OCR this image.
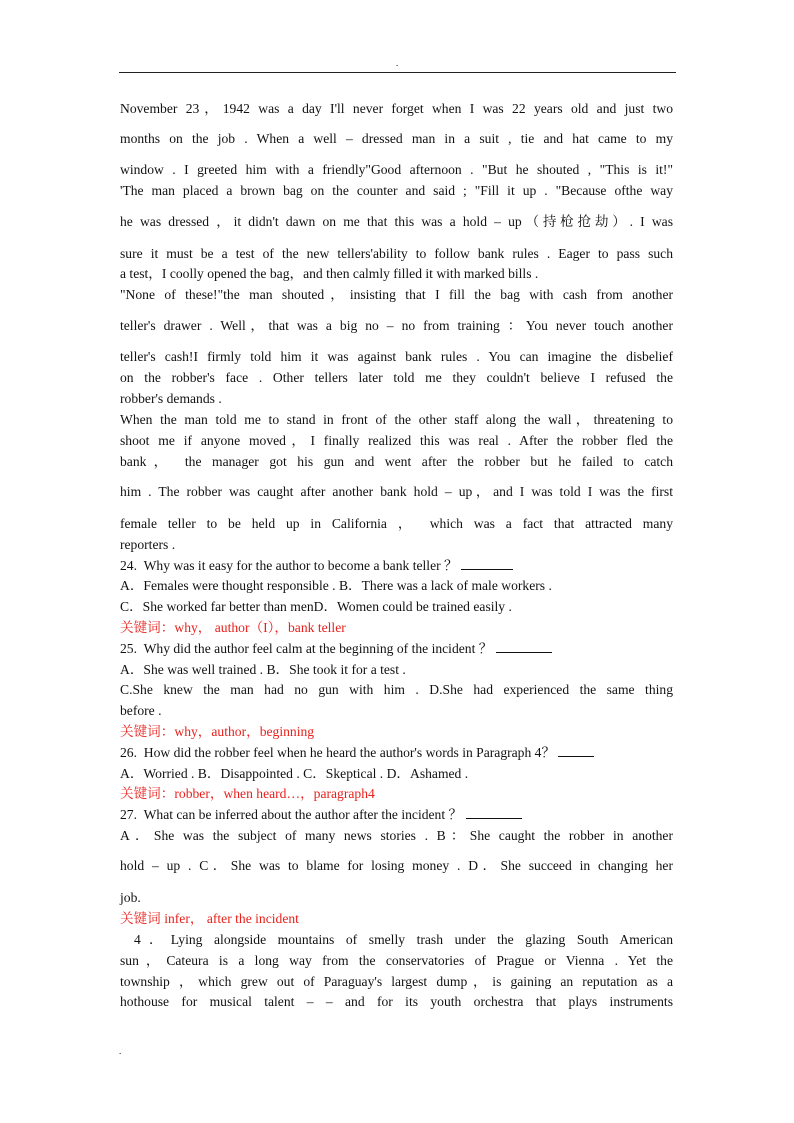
.
November 23，1942 was a day I'll never forget when I was 22 years old and just two
months on the job . When a well – dressed man in a suit , tie and hat came to my
window . I greeted him with a friendly"Good afternoon . "But he shouted , "This is it!"
'The man placed a brown bag on the counter and said ; "Fill it up . "Because ofthe way
he was dressed ，it didn't dawn on me that this was a hold – up（持枪抢劫）. I was
sure it must be a test of the new tellers'ability to follow bank rules . Eager to pass such
a test，I coolly opened the bag，and then calmly filled it with marked bills .
"None of these!"the man shouted，insisting that I fill the bag with cash from another
teller's drawer . Well，that was a big no – no from training ：You never touch another
teller's cash!I firmly told him it was against bank rules . You can imagine the disbelief
on the robber's face . Other tellers later told me they couldn't believe I refused the
robber's demands .
When the man told me to stand in front of the other staff along the wall，threatening to
shoot me if anyone moved，I finally realized this was real . After the robber fled the
bank， the manager got his gun and went after the robber but he failed to catch
him . The robber was caught after another bank hold – up，and I was told I was the first
female teller to be held up in California ， which was a fact that attracted many
reporters .
24. Why was it easy for the author to become a bank teller ？
A．Females were thought responsible . B．There was a lack of male workers .
C．She worked far better than menD．Women could be trained easily .
关键词：why， author（I），bank teller
25. Why did the author feel calm at the beginning of the incident ？
A．She was well trained . B．She took it for a test .
C.She knew the man had no gun with him . D.She had experienced the same thing
before .
关键词：why，author，beginning
26. How did the robber feel when he heard the author's words in Paragraph 4？
A．Worried . B．Disappointed . C．Skeptical . D．Ashamed .
关键词：robber，when heard…，paragraph4
27. What can be inferred about the author after the incident ？
A．She was the subject of many news stories . B：She caught the robber in another
hold – up . C．She was to blame for losing money . D．She succeed in changing her
job.
关键词 infer， after the incident
4．Lying alongside mountains of smelly trash under the glazing South American
sun，Cateura is a long way from the conservatories of Prague or Vienna . Yet the
township ，which grew out of Paraguay's largest dump，is gaining an reputation as a
hothouse for musical talent – – and for its youth orchestra that plays instruments
.
